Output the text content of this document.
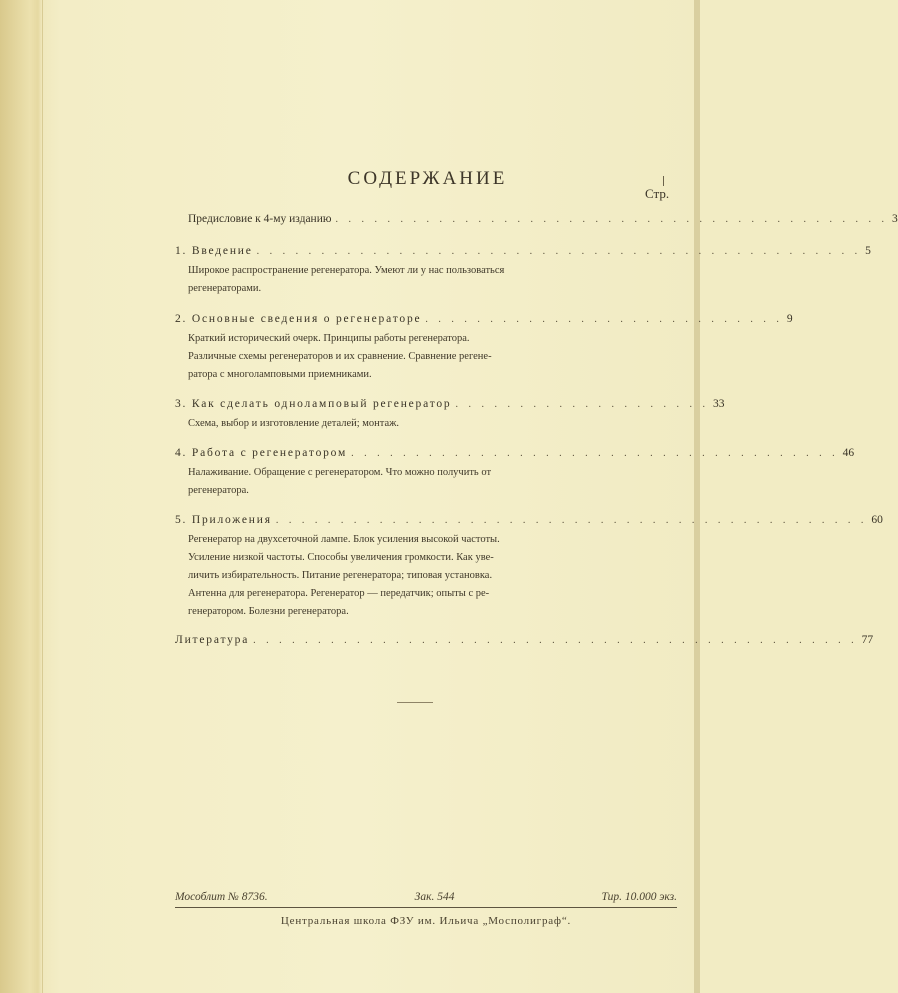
СОДЕРЖАНИЕ
Стр.
Предисловие к 4-му изданию . . . . . . . . . . . . . . . . . . . . . . . . . . . . . . . . . . . . . . . . . . . 3
1. Введение . . . . . . . . . . . . . . . . . . . . . . . . . . . . . . . . . . . . . . . . . . . . . . . 5
Широкое распространение регенератора. Умеют ли у нас пользоваться
регенераторами.
2. Основные сведения о регенераторе . . . . . . . . . . . . . . . . . . . . . . . . . . . . 9
Краткий исторический очерк. Принципы работы регенератора.
Различные схемы регенераторов и их сравнение. Сравнение регене-
ратора с многоламповыми приемниками.
3. Как сделать одноламповый регенератор . . . . . . . . . . . . . . . . . . . . 33
Схема, выбор и изготовление деталей; монтаж.
4. Работа с регенератором . . . . . . . . . . . . . . . . . . . . . . . . . . . . . . . . . . . . . . 46
Налаживание. Обращение с регенератором. Что можно получить от
регенератора.
5. Приложения . . . . . . . . . . . . . . . . . . . . . . . . . . . . . . . . . . . . . . . . . . . . . . 60
Регенератор на двухсеточной лампе. Блок усиления высокой частоты.
Усиление низкой частоты. Способы увеличения громкости. Как уве-
личить избирательность. Питание регенератора; типовая установка.
Антенна для регенератора. Регенератор — передатчик; опыты с ре-
генератором. Болезни регенератора.
Литература . . . . . . . . . . . . . . . . . . . . . . . . . . . . . . . . . . . . . . . . . . . . . . . 77
Мособлит № 8736.	Зак. 544	Тир. 10.000 экз.
Центральная школа ФЗУ им. Ильича „Мосполиграф“.
